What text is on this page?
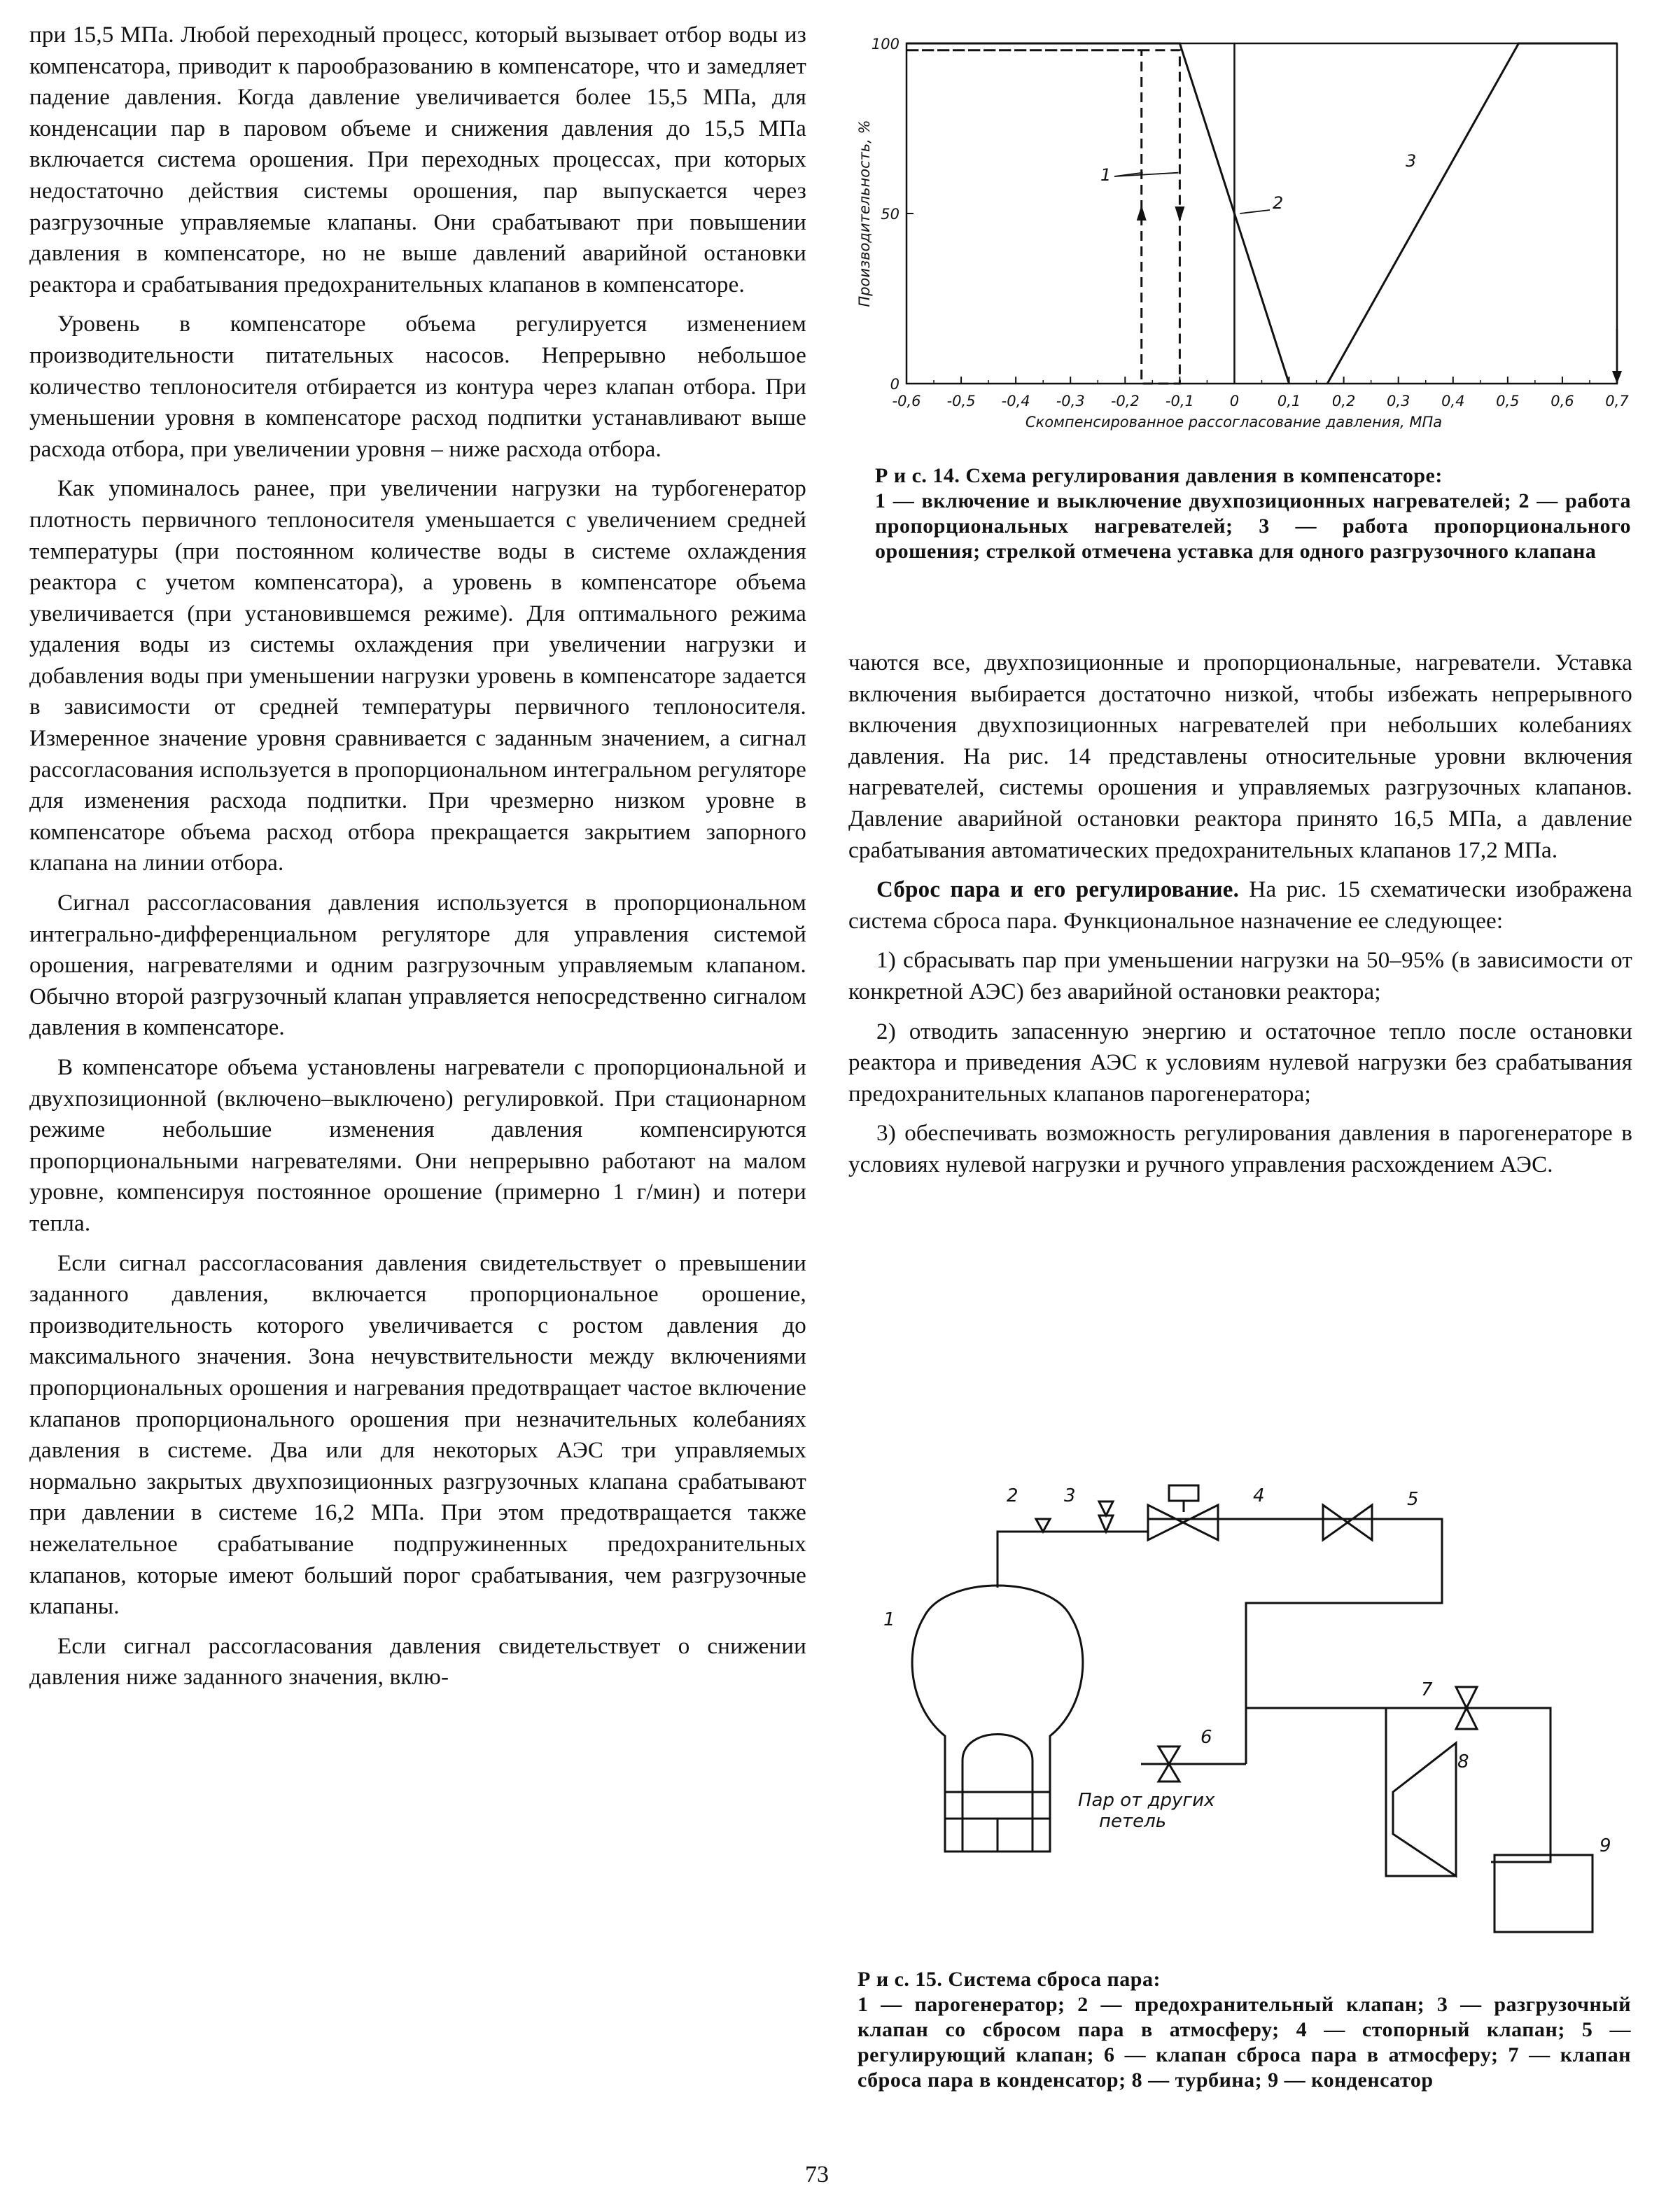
при 15,5 МПа. Любой переходный процесс, который вызывает отбор воды из компенсатора, приводит к парообразованию в компенсаторе, что и замедляет падение давления. Когда давление увеличивается более 15,5 МПа, для конденсации пар в паровом объеме и снижения давления до 15,5 МПа включается система орошения. При переходных процессах, при которых недостаточно действия системы орошения, пар выпускается через разгрузочные управляемые клапаны. Они срабатывают при повышении давления в компенсаторе, но не выше давлений аварийной остановки реактора и срабатывания предохранительных клапанов в компенсаторе.

Уровень в компенсаторе объема регулируется изменением производительности питательных насосов. Непрерывно небольшое количество теплоносителя отбирается из контура через клапан отбора. При уменьшении уровня в компенсаторе расход подпитки устанавливают выше расхода отбора, при увеличении уровня – ниже расхода отбора.

Как упоминалось ранее, при увеличении нагрузки на турбогенератор плотность первичного теплоносителя уменьшается с увеличением средней температуры (при постоянном количестве воды в системе охлаждения реактора с учетом компенсатора), а уровень в компенсаторе объема увеличивается (при установившемся режиме). Для оптимального режима удаления воды из системы охлаждения при увеличении нагрузки и добавления воды при уменьшении нагрузки уровень в компенсаторе задается в зависимости от средней температуры первичного теплоносителя. Измеренное значение уровня сравнивается с заданным значением, а сигнал рассогласования используется в пропорциональном интегральном регуляторе для изменения расхода подпитки. При чрезмерно низком уровне в компенсаторе объема расход отбора прекращается закрытием запорного клапана на линии отбора.

Сигнал рассогласования давления используется в пропорциональном интегрально-дифференциальном регуляторе для управления системой орошения, нагревателями и одним разгрузочным управляемым клапаном. Обычно второй разгрузочный клапан управляется непосредственно сигналом давления в компенсаторе.

В компенсаторе объема установлены нагреватели с пропорциональной и двухпозиционной (включено–выключено) регулировкой. При стационарном режиме небольшие изменения давления компенсируются пропорциональными нагревателями. Они непрерывно работают на малом уровне, компенсируя постоянное орошение (примерно 1 г/мин) и потери тепла.

Если сигнал рассогласования давления свидетельствует о превышении заданного давления, включается пропорциональное орошение, производительность которого увеличивается с ростом давления до максимального значения. Зона нечувствительности между включениями пропорциональных орошения и нагревания предотвращает частое включение клапанов пропорционального орошения при незначительных колебаниях давления в системе. Два или для некоторых АЭС три управляемых нормально закрытых двухпозиционных разгрузочных клапана срабатывают при давлении в системе 16,2 МПа. При этом предотвращается также нежелательное срабатывание подпружиненных предохранительных клапанов, которые имеют больший порог срабатывания, чем разгрузочные клапаны.

Если сигнал рассогласования давления свидетельствует о снижении давления ниже заданного значения, вклю-

-0,6 -0,5 -0,4 -0,3 -0,2 -0,1 0	0,1 0,2 0,3 0,4 0,5 0,6 0,7
0
50
100
Скомпенсированное рассогласование давления, МПа
Производительность, %	1
2
3

Р и с. 14. Схема регулирования давления в компенсаторе:

1 — включение и выключение двухпозиционных нагревателей; 2 — работа пропорциональных нагревателей; 3 — работа пропорционального орошения; стрелкой отмечена уставка для одного разгрузочного клапана

чаются все, двухпозиционные и пропорциональные, нагреватели. Уставка включения выбирается достаточно низкой, чтобы избежать непрерывного включения двухпозиционных нагревателей при небольших колебаниях давления. На рис. 14 представлены относительные уровни включения нагревателей, системы орошения и управляемых разгрузочных клапанов. Давление аварийной остановки реактора принято 16,5 МПа, а давление срабатывания автоматических предохранительных клапанов 17,2 МПа.

Сброс пара и его регулирование. На рис. 15 схематически изображена система сброса пара. Функциональное назначение ее следующее:

1) сбрасывать пар при уменьшении нагрузки на 50–95% (в зависимости от конкретной АЭС) без аварийной остановки реактора;

2) отводить запасенную энергию и остаточное тепло после остановки реактора и приведения АЭС к условиям нулевой нагрузки без срабатывания предохранительных клапанов парогенератора;

3) обеспечивать возможность регулирования давления в парогенераторе в условиях нулевой нагрузки и ручного управления расхождением АЭС.

1
2	3	4	5
6
7
8
9
Пар от других
петель

Р и с. 15. Система сброса пара:

1 — парогенератор; 2 — предохранительный клапан; 3 — разгрузочный клапан со сбросом пара в атмосферу; 4 — стопорный клапан; 5 — регулирующий клапан; 6 — клапан сброса пара в атмосферу; 7 — клапан сброса пара в конденсатор; 8 — турбина; 9 — конденсатор

73
